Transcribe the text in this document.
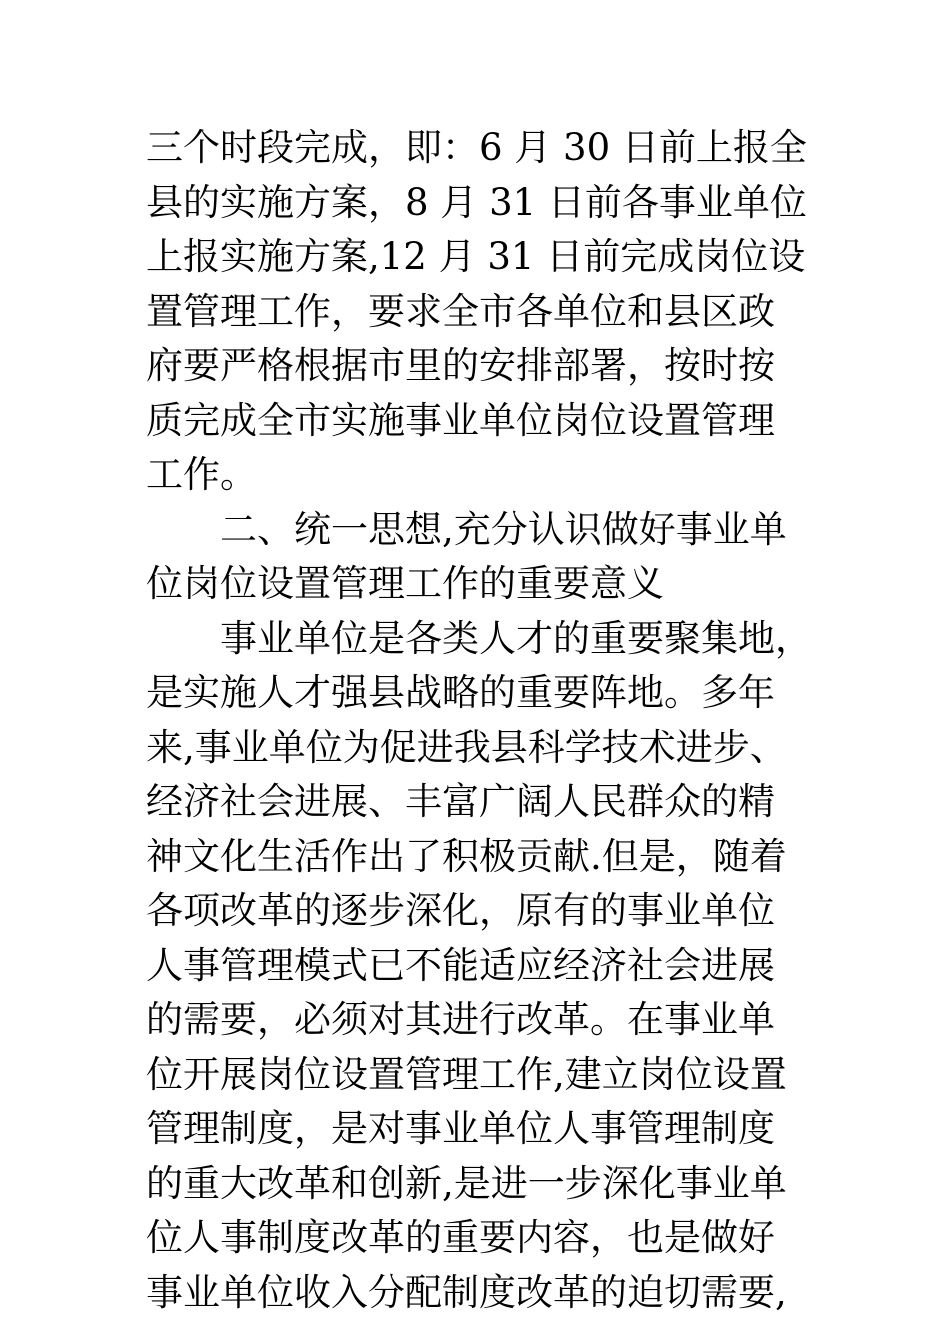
三个时段完成，即：6 月 30 日前上报全
县的实施方案，8 月 31 日前各事业单位
上报实施方案,12 月 31 日前完成岗位设
置管理工作，要求全市各单位和县区政
府要严格根据市里的安排部署，按时按
质完成全市实施事业单位岗位设置管理
工作。
二、统一思想,充分认识做好事业单
位岗位设置管理工作的重要意义
事业单位是各类人才的重要聚集地，
是实施人才强县战略的重要阵地。多年
来,事业单位为促进我县科学技术进步、
经济社会进展、丰富广阔人民群众的精
神文化生活作出了积极贡献.但是，随着
各项改革的逐步深化，原有的事业单位
人事管理模式已不能适应经济社会进展
的需要，必须对其进行改革。在事业单
位开展岗位设置管理工作,建立岗位设置
管理制度，是对事业单位人事管理制度
的重大改革和创新,是进一步深化事业单
位人事制度改革的重要内容，也是做好
事业单位收入分配制度改革的迫切需要,
